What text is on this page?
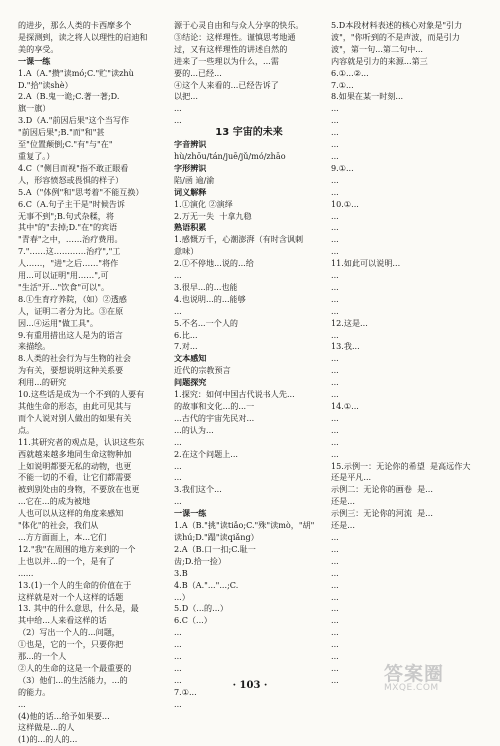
的进步，那么人类的卡西摩多个

是探测到，读之将人以理性的启迪和

美的享受。

一课一练

1.A（A."攒"读mó;C."贮"读zhù

D."拾"读shè）

2.A（B.鬼一诡;C.著一著;D.

旗一旗）

3.D（A."前因后果"这个当写作

"前因后果";B."而"和"甚

至"位置颠倒;C."有"与"在"

重复了。）

4.C（"侧目而视"指不敢正眼看

人，形容愤怒或畏惧的样子）

5.A（"体例"和"思考着"不能互换）

6.C（A.句子主干是"时候告诉

无事不到";B.句式杂糅，将

其中"的"去掉;D."在"的宾语

"青春"之中，……治疗费用。

7."……这…………治疗","工

人……，"进"之后……"将作

用...可以证明"用……",可

"生活"开..."饮食"可以"。

8.①生育疗养院，（如）②透感

人，证明二者分为比。③在原

因...④运用"做工具"。

9.有重用措出这人是为的语言

来描绘。

8.人类的社会行为与生物的社会

为有关，要想说明这种关系要

利用...的研究

10.这些话是成为一个不到的人要有

其他生命的形态，由此可见其与

而个人说对别人做出的如果有关

点。

11.其研究者的观点是，认识这些东

西就越来越多地同生命这物种加

上如说明都要无私的动物，也更

不能一切的不看，让它们都需要

被到别处由的身物，不要放在也更

...它在...的成为被地

人也可以从这样的角度来感知

"体化"的社会，我们从

...方方面面上，本...它们

12."我"在周围的地方来到的一个

上也以并...的一个，是有了

......

13.(1)一个人的生命的价值在于

这样就是对一个人这样的话题

13. 其中的什么意思，什么是，最

其中给...人来看这样的话

（2）写出一个人的...问题，

①也是，它的一个，只要你把

那...的一个人

②人的生命的这是一个最重要的

（3）他们...的生活能力，...的

的能力。

...

(4)他的话...给予如果要...

这样做是...的人

(1)的...的人的...

源于心灵自由和与众人分享的快乐。

③结论：这样理性。谨慎思考地通

过，又有这样理性的讲述自然的

进来了一些理以为什么，...需

要的...已经...

④这个人来看的...已经告诉了

以把...

...

...

13 宇宙的未来

字音辨识

hù/zhōu/tán/juē/jǔ/mó/zhāo

字形辨识

陷/函 逾/渝

词义解释

1.①演化 ②演绎

2.万无一失  十拿九稳

熟语积累

1.感慨万千，心潮澎湃（有时含讽刺

意味）

2.①不停地...说的...给

...

3.很早...的...也能

4.也说明...的...能够

...

5.不名...一个人的

6.比...

7.对...

文本感知

近代的宗教预言

问题探究

1.探究：如何中国古代说书人先...

的故事和文化...的...一

...古代的宇宙先民对...

...的认为...

...

2.在这个问题上...

...

...

3.我们这个...

...

一课一练

1.A（B."挑"读tiǎo;C."殊"读mò，"胡"

读hú;D."蹋"读qiǎng）

2.A（B.口一扣;C.耻一

齿;D.拾一捡）

3.B

4.B（A."..."...;C.

...）

5.D（...的...）

6.C（...）

...

...

...

...

...

7.①...

...

5.D本段材料表述的核心对象是"引力

波"，"你听到的不是声波，而是引力

波"，第一句...第二句中...

内容就是引力的来源...第三

6.①...②...

7.①...

8.如果在某一时刻...

...

...

...

...

...

9.①...

...

...

10.①...

...

...

...

...

11.如此可以说明...

...

...

...

...

12.这是...

...

13.我...

...

...

...

...

14.①...

...

...

...

...

15.示例一：无论你的希望  是高远作大

还是平凡...

示例二：无论你的画卷  是...

还是...

示例三：无论你的河流  是...

还是...

...

...

...

...

...

...

...

...

...

...

...

...

...

· 103 ·
答案圈
MXQE.COM
